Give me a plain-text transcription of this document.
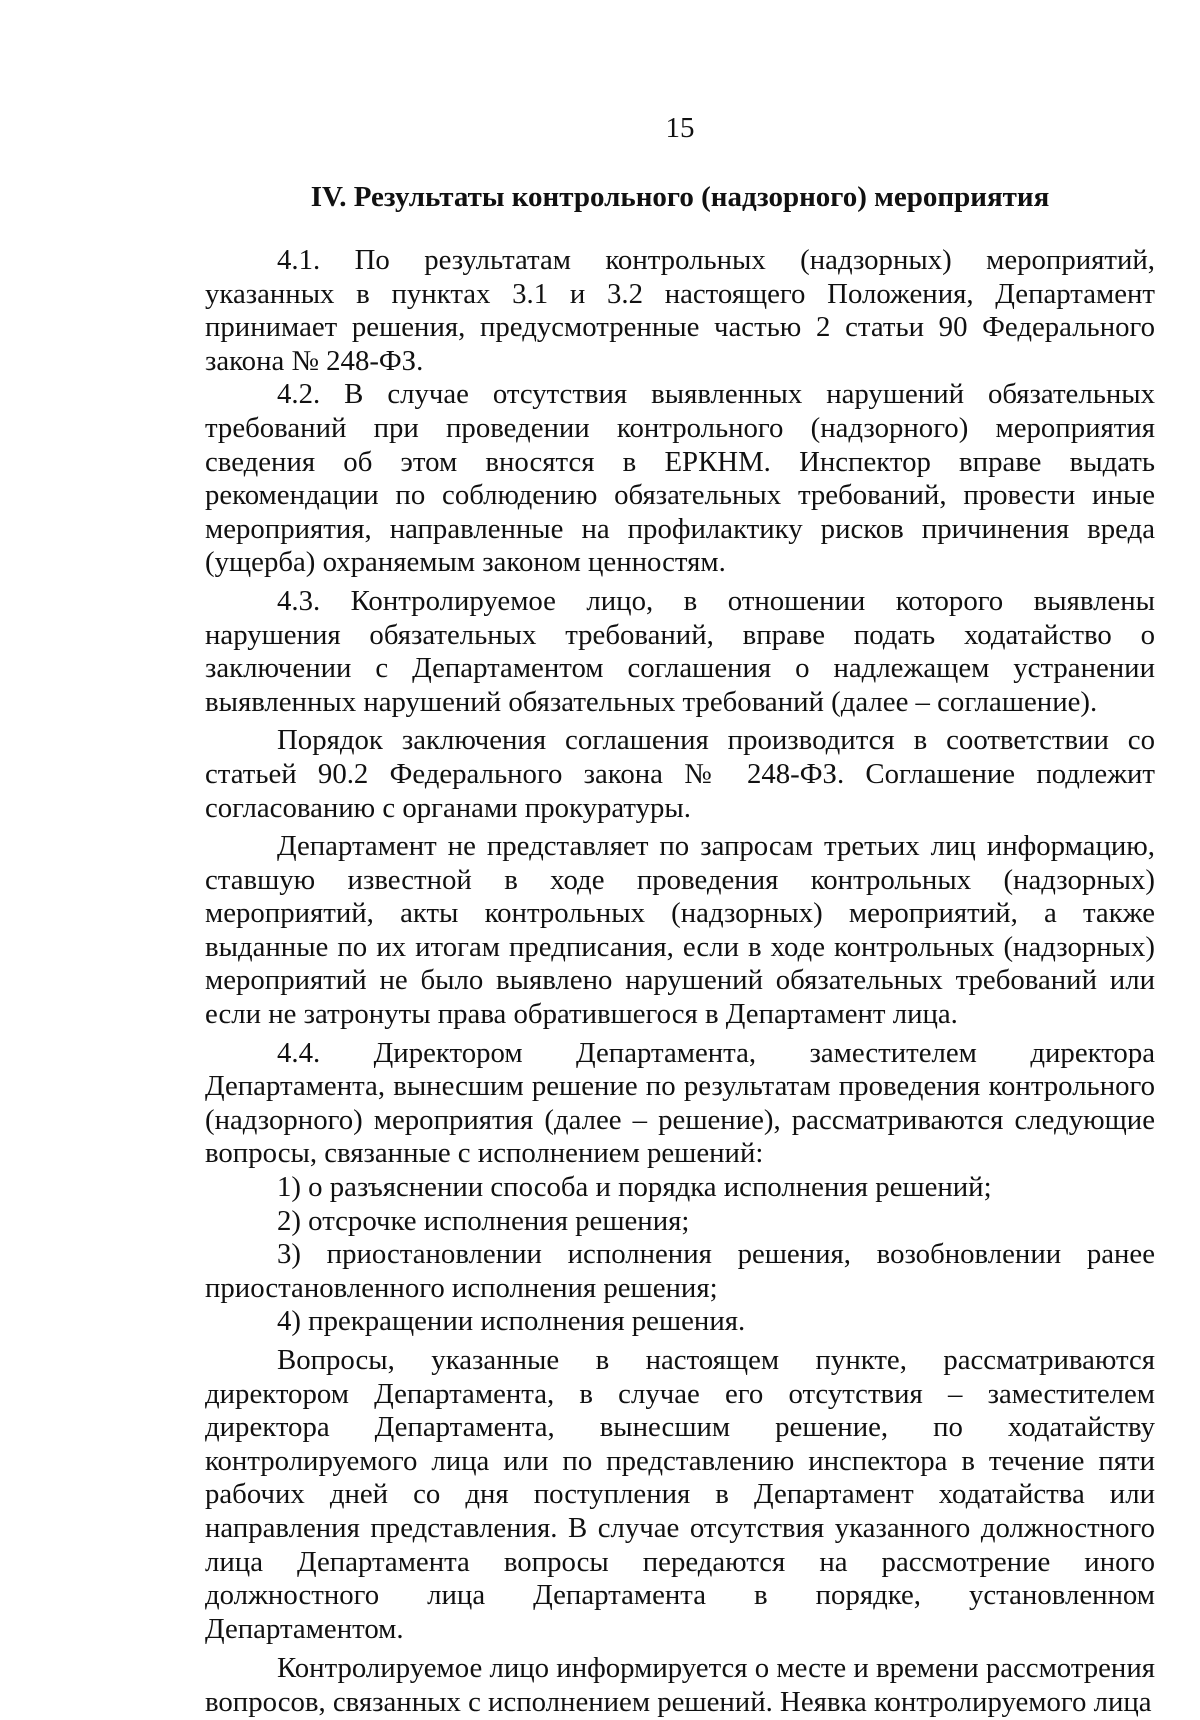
15
IV. Результаты контрольного (надзорного) мероприятия

4.1. По результатам контрольных (надзорных) мероприятий, указанных в пунктах 3.1 и 3.2 настоящего Положения, Департамент принимает решения, предусмотренные частью 2 статьи 90 Федерального закона № 248-ФЗ.

4.2. В случае отсутствия выявленных нарушений обязательных требований при проведении контрольного (надзорного) мероприятия сведения об этом вносятся в ЕРКНМ. Инспектор вправе выдать рекомендации по соблюдению обязательных требований, провести иные мероприятия, направленные на профилактику рисков причинения вреда (ущерба) охраняемым законом ценностям.

4.3. Контролируемое лицо, в отношении которого выявлены нарушения обязательных требований, вправе подать ходатайство о заключении с Департаментом соглашения о надлежащем устранении выявленных нарушений обязательных требований (далее – соглашение).

Порядок заключения соглашения производится в соответствии со статьей 90.2 Федерального закона № 248-ФЗ. Соглашение подлежит согласованию с органами прокуратуры.

Департамент не представляет по запросам третьих лиц информацию, ставшую известной в ходе проведения контрольных (надзорных) мероприятий, акты контрольных (надзорных) мероприятий, а также выданные по их итогам предписания, если в ходе контрольных (надзорных) мероприятий не было выявлено нарушений обязательных требований или если не затронуты права обратившегося в Департамент лица.

4.4. Директором Департамента, заместителем директора Департамента, вынесшим решение по результатам проведения контрольного (надзорного) мероприятия (далее – решение), рассматриваются следующие вопросы, связанные с исполнением решений:

1) о разъяснении способа и порядка исполнения решений;

2) отсрочке исполнения решения;

3) приостановлении исполнения решения, возобновлении ранее приостановленного исполнения решения;

4) прекращении исполнения решения.

Вопросы, указанные в настоящем пункте, рассматриваются директором Департамента, в случае его отсутствия – заместителем директора Департамента, вынесшим решение, по ходатайству контролируемого лица или по представлению инспектора в течение пяти рабочих дней со дня поступления в Департамент ходатайства или направления представления. В случае отсутствия указанного должностного лица Департамента вопросы передаются на рассмотрение иного должностного лица Департамента в порядке, установленном Департаментом.

Контролируемое лицо информируется о месте и времени рассмотрения вопросов, связанных с исполнением решений. Неявка контролируемого лица
